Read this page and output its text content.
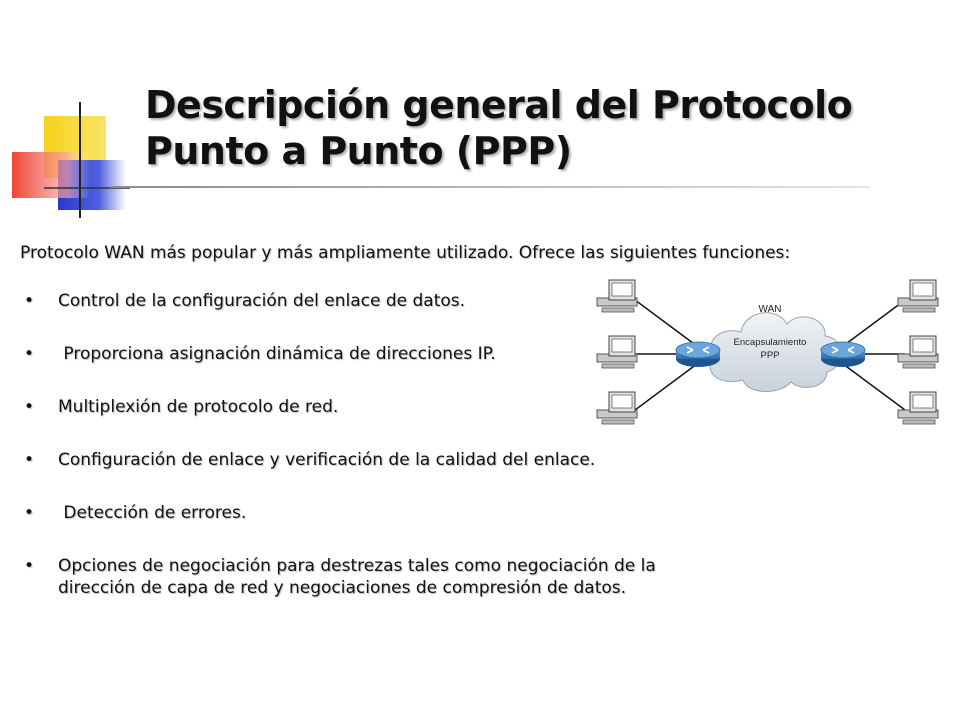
Descripción general del Protocolo
Punto a Punto (PPP)
Protocolo WAN más popular y más ampliamente utilizado. Ofrece las siguientes funciones:
• Control de la configuración del enlace de datos.
• Proporciona asignación dinámica de direcciones IP.
• Multiplexión de protocolo de red.
• Configuración de enlace y verificación de la calidad del enlace.
• Detección de errores.
• Opciones de negociación para destrezas tales como negociación de la
dirección de capa de red y negociaciones de compresión de datos.
WAN
Encapsulamiento
PPP
